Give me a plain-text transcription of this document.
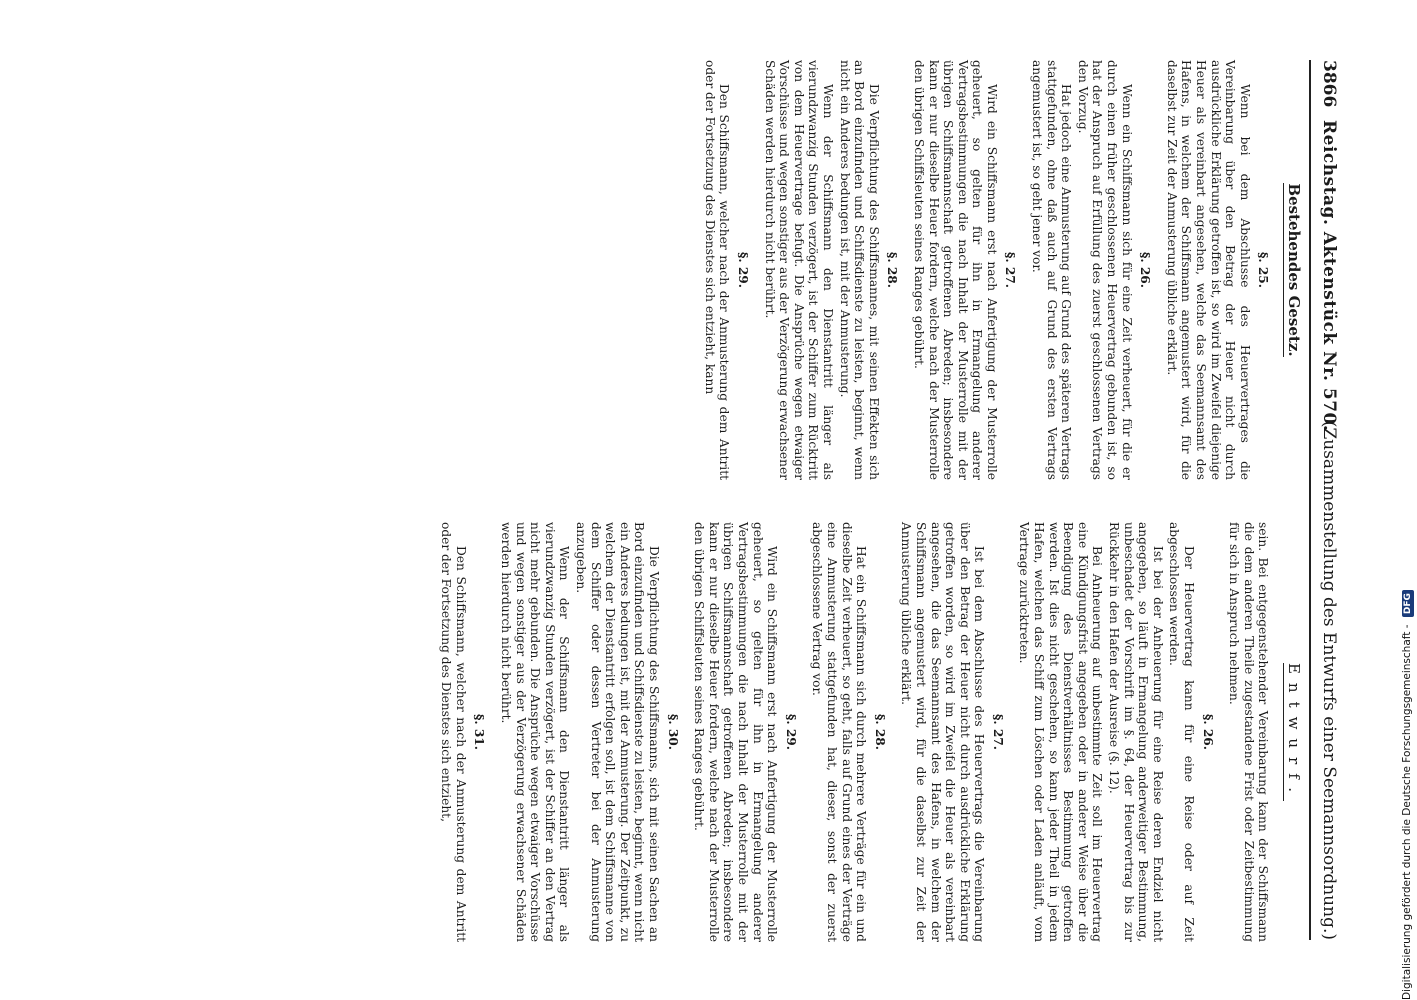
3866
Reichstag. Aktenstück Nr. 570.
(Zusammenstellung des Entwurfs einer Seemannsordnung.)
Bestehendes Gesetz.
§. 25.

Wenn bei dem Abschlusse des Heuervertrages die Vereinbarung über den Betrag der Heuer nicht durch ausdrückliche Erklärung getroffen ist, so wird im Zweifel diejenige Heuer als vereinbart angesehen, welche das Seemannsamt des Hafens, in welchem der Schiffsmann angemustert wird, für die daselbst zur Zeit der Anmusterung übliche erklärt.

§. 26.

Wenn ein Schiffsmann sich für eine Zeit verheuert, für die er durch einen früher geschlossenen Heuervertrag gebunden ist, so hat der Anspruch auf Erfüllung des zuerst geschlossenen Vertrags den Vorzug.

Hat jedoch eine Anmusterung auf Grund des späteren Vertrags stattgefunden, ohne daß auch auf Grund des ersten Vertrags angemustert ist, so geht jener vor.

§. 27.

Wird ein Schiffsmann erst nach Anfertigung der Musterrolle geheuert, so gelten für ihn in Ermangelung anderer Vertragsbestimmungen die nach Inhalt der Musterrolle mit der übrigen Schiffsmannschaft getroffenen Abreden; insbesondere kann er nur dieselbe Heuer fordern, welche nach der Musterrolle den übrigen Schiffsleuten seines Ranges gebührt.

§. 28.

Die Verpflichtung des Schiffsmannes, mit seinen Effekten sich an Bord einzufinden und Schiffsdienste zu leisten, beginnt, wenn nicht ein Anderes bedungen ist, mit der Anmusterung.

Wenn der Schiffsmann den Dienstantritt länger als vierundzwanzig Stunden verzögert, ist der Schiffer zum Rücktritt von dem Heuervertrage befugt. Die Ansprüche wegen etwaiger Vorschüsse und wegen sonstiger aus der Verzögerung erwachsener Schäden werden hierdurch nicht berührt.

§. 29.

Den Schiffsmann, welcher nach der Anmusterung dem Antritt oder der Fortsetzung des Dienstes sich entzieht, kann

Entwurf.

sein. Bei entgegenstehender Vereinbarung kann der Schiffsmann die dem anderen Theile zugestandene Frist oder Zeitbestimmung für sich in Anspruch nehmen.

§. 26.

Der Heuervertrag kann für eine Reise oder auf Zeit abgeschlossen werden.

Ist bei der Anheuerung für eine Reise deren Endziel nicht angegeben, so läuft in Ermangelung anderweitiger Bestimmung, unbeschadet der Vorschrift im §. 64, der Heuervertrag bis zur Rückkehr in den Hafen der Ausreise (§. 12).

Bei Anheuerung auf unbestimmte Zeit soll im Heuervertrag eine Kündigungsfrist angegeben oder in anderer Weise über die Beendigung des Dienstverhältnisses Bestimmung getroffen werden. Ist dies nicht geschehen, so kann jeder Theil in jedem Hafen, welchen das Schiff zum Löschen oder Laden anläuft, vom Vertrage zurücktreten.

§. 27.

Ist bei dem Abschlusse des Heuervertrags die Vereinbarung über den Betrag der Heuer nicht durch ausdrückliche Erklärung getroffen worden, so wird im Zweifel die Heuer als vereinbart angesehen, die das Seemannsamt des Hafens, in welchem der Schiffsmann angemustert wird, für die daselbst zur Zeit der Anmusterung übliche erklärt.

§. 28.

Hat ein Schiffsmann sich durch mehrere Verträge für ein und dieselbe Zeit verheuert, so geht, falls auf Grund eines der Verträge eine Anmusterung stattgefunden hat, dieser, sonst der zuerst abgeschlossene Vertrag vor.

§. 29.

Wird ein Schiffsmann erst nach Anfertigung der Musterrolle geheuert, so gelten für ihn in Ermangelung anderer Vertragsbestimmungen die nach Inhalt der Musterrolle mit der übrigen Schiffsmannschaft getroffenen Abreden; insbesondere kann er nur dieselbe Heuer fordern, welche nach der Musterrolle den übrigen Schiffsleuten seines Ranges gebührt.

§. 30.

Die Verpflichtung des Schiffsmanns, sich mit seinen Sachen an Bord einzufinden und Schiffsdienste zu leisten, beginnt, wenn nicht ein Anderes bedungen ist, mit der Anmusterung. Der Zeitpunkt, zu welchem der Dienstantritt erfolgen soll, ist dem Schiffsmanne von dem Schiffer oder dessen Vertreter bei der Anmusterung anzugeben.

Wenn der Schiffsmann den Dienstantritt länger als vierundzwanzig Stunden verzögert, ist der Schiffer an den Vertrag nicht mehr gebunden. Die Ansprüche wegen etwaiger Vorschüsse und wegen sonstiger aus der Verzögerung erwachsener Schäden werden hierdurch nicht berührt.

§. 31.

Den Schiffsmann, welcher nach der Anmusterung dem Antritt oder der Fortsetzung des Dienstes sich entzieht,	Digitalisierung gefördert durch die Deutsche Forschungsgemeinschaft - DFG
